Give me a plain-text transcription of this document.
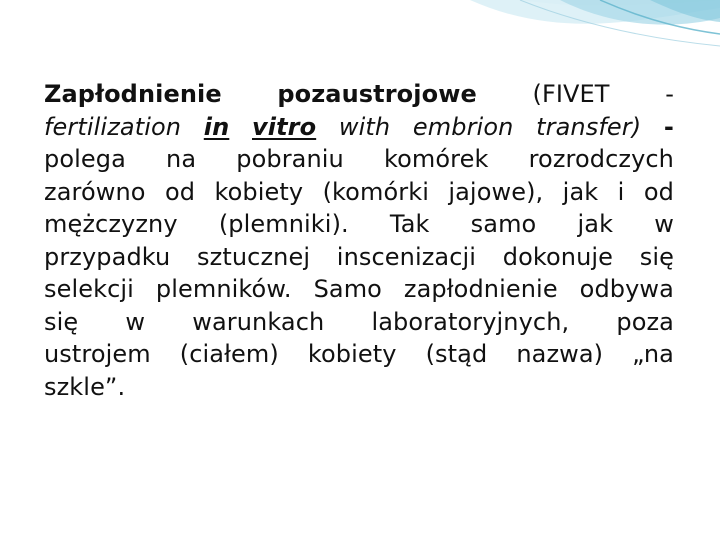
Zapłodnienie pozaustrojowe (FIVET -
fertilization in vitro with embrion transfer) -
polega na pobraniu komórek rozrodczych
zarówno od kobiety (komórki jajowe), jak i od
mężczyzny (plemniki). Tak samo jak w
przypadku sztucznej inscenizacji dokonuje się
selekcji plemników. Samo zapłodnienie odbywa
się w warunkach laboratoryjnych, poza
ustrojem (ciałem) kobiety (stąd nazwa) „na
szkle”.
